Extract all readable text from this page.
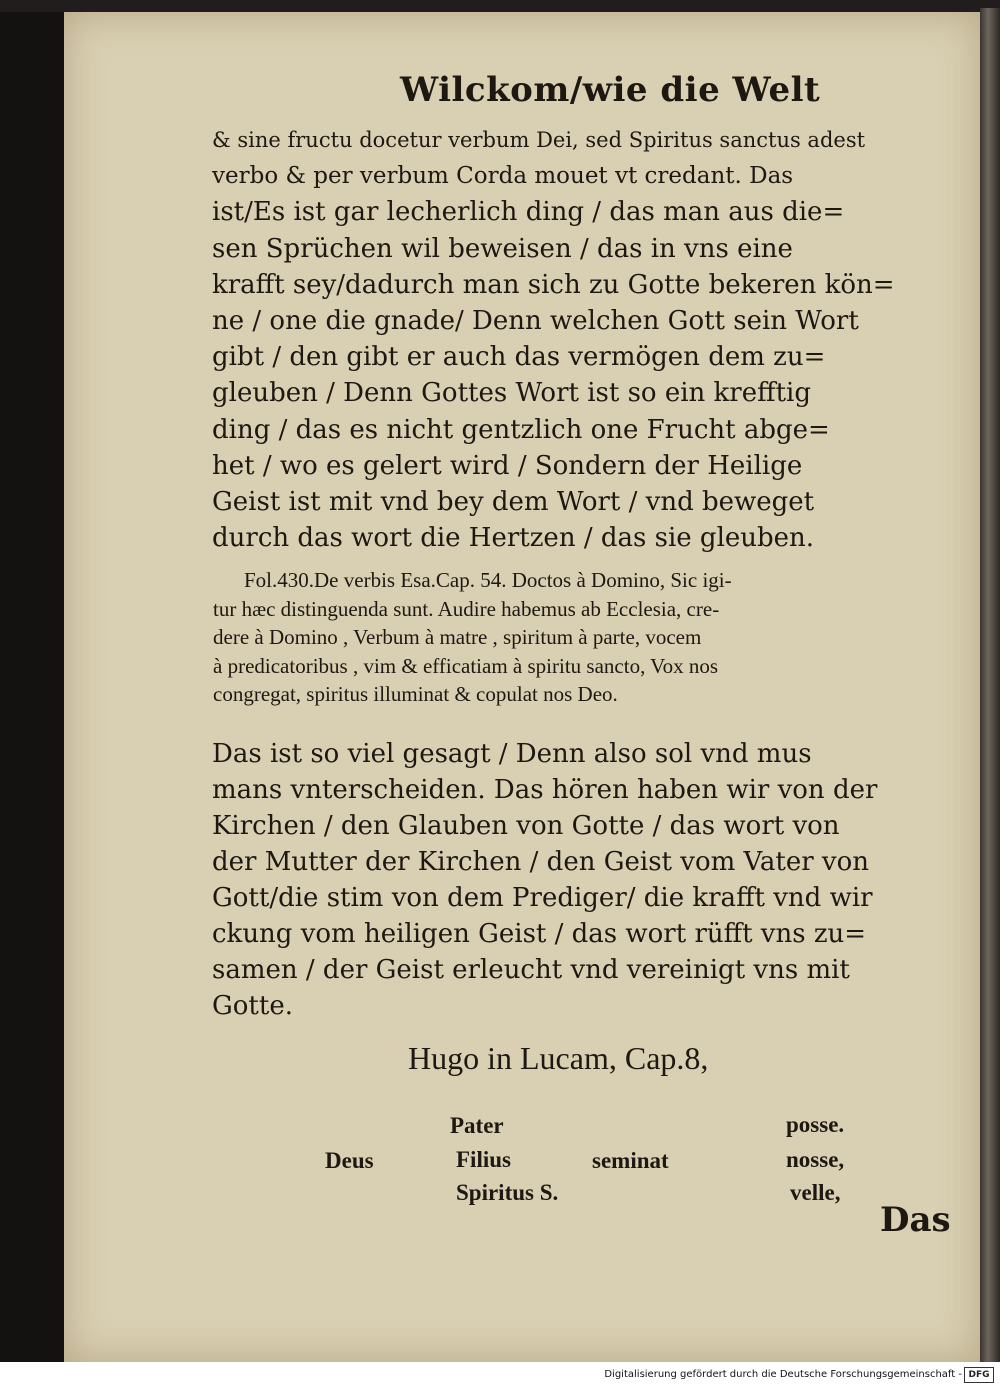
Wilckom/wie die Welt
& sine fructu docetur verbum Dei, sed Spiritus sanctus adest
verbo & per verbum Corda mouet vt credant. Das
ist/Es ist gar lecherlich ding / das man aus die=
sen Sprüchen wil beweisen / das in vns eine
krafft sey/dadurch man sich zu Gotte bekeren kön=
ne / one die gnade/ Denn welchen Gott sein Wort
gibt / den gibt er auch das vermögen dem zu=
gleuben / Denn Gottes Wort ist so ein krefftig
ding / das es nicht gentzlich one Frucht abge=
het / wo es gelert wird / Sondern der Heilige
Geist ist mit vnd bey dem Wort / vnd beweget
durch das wort die Hertzen / das sie gleuben.
Fol.430.De verbis Esa.Cap. 54. Doctos à Domino, Sic igi-
tur hæc distinguenda sunt. Audire habemus ab Ecclesia, cre-
dere à Domino , Verbum à matre , spiritum à parte, vocem
à predicatoribus , vim & efficatiam à spiritu sancto, Vox nos
congregat, spiritus illuminat & copulat nos Deo.
Das ist so viel gesagt / Denn also sol vnd mus
mans vnterscheiden. Das hören haben wir von der
Kirchen / den Glauben von Gotte / das wort von
der Mutter der Kirchen / den Geist vom Vater von
Gott/die stim von dem Prediger/ die krafft vnd wir
ckung vom heiligen Geist / das wort rüfft vns zu=
samen / der Geist erleucht vnd vereinigt vns mit
Gotte.
Hugo in Lucam, Cap.8,
Deus
Pater
Filius
Spiritus S.
seminat
posse.
nosse,
velle,
Das
Digitalisierung gefördert durch die Deutsche Forschungsgemeinschaft - DFG
